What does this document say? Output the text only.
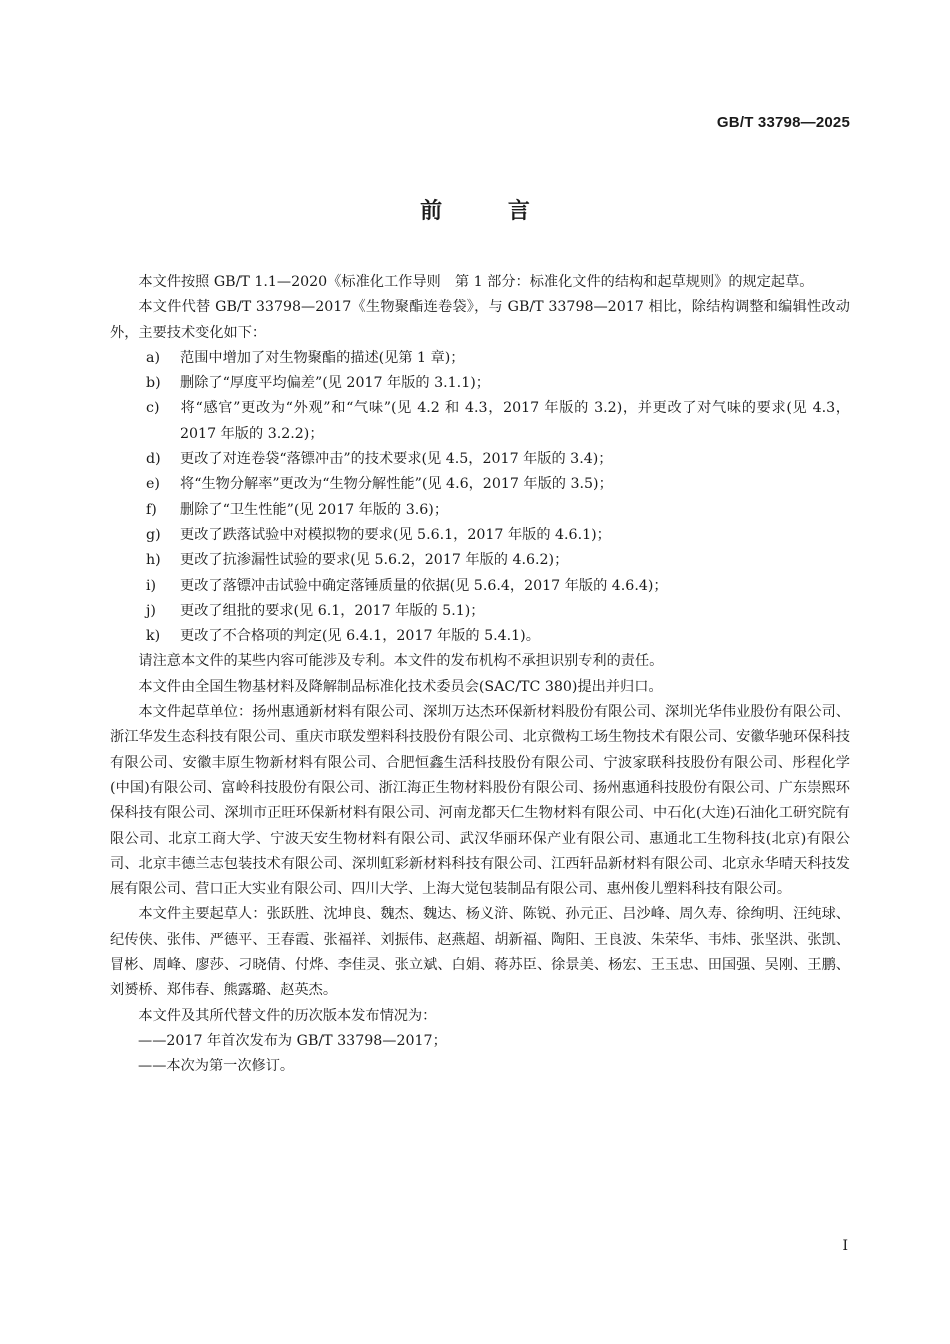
GB/T 33798—2025
前 言

本文件按照 GB/T 1.1—2020《标准化工作导则　第 1 部分：标准化文件的结构和起草规则》的规定起草。

本文件代替 GB/T 33798—2017《生物聚酯连卷袋》，与 GB/T 33798—2017 相比，除结构调整和编辑性改动外，主要技术变化如下：

a) 范围中增加了对生物聚酯的描述(见第 1 章)；

b) 删除了“厚度平均偏差”(见 2017 年版的 3.1.1)；

c) 将“感官”更改为“外观”和“气味”(见 4.2 和 4.3，2017 年版的 3.2)，并更改了对气味的要求(见 4.3，2017 年版的 3.2.2)；

d) 更改了对连卷袋“落镖冲击”的技术要求(见 4.5，2017 年版的 3.4)；

e) 将“生物分解率”更改为“生物分解性能”(见 4.6，2017 年版的 3.5)；

f) 删除了“卫生性能”(见 2017 年版的 3.6)；

g) 更改了跌落试验中对模拟物的要求(见 5.6.1，2017 年版的 4.6.1)；

h) 更改了抗渗漏性试验的要求(见 5.6.2，2017 年版的 4.6.2)；

i) 更改了落镖冲击试验中确定落锤质量的依据(见 5.6.4，2017 年版的 4.6.4)；

j) 更改了组批的要求(见 6.1，2017 年版的 5.1)；

k) 更改了不合格项的判定(见 6.4.1，2017 年版的 5.4.1)。

请注意本文件的某些内容可能涉及专利。本文件的发布机构不承担识别专利的责任。

本文件由全国生物基材料及降解制品标准化技术委员会(SAC/TC 380)提出并归口。

本文件起草单位：扬州惠通新材料有限公司、深圳万达杰环保新材料股份有限公司、深圳光华伟业股份有限公司、浙江华发生态科技有限公司、重庆市联发塑料科技股份有限公司、北京微构工场生物技术有限公司、安徽华驰环保科技有限公司、安徽丰原生物新材料有限公司、合肥恒鑫生活科技股份有限公司、宁波家联科技股份有限公司、彤程化学(中国)有限公司、富岭科技股份有限公司、浙江海正生物材料股份有限公司、扬州惠通科技股份有限公司、广东崇熙环保科技有限公司、深圳市正旺环保新材料有限公司、河南龙都天仁生物材料有限公司、中石化(大连)石油化工研究院有限公司、北京工商大学、宁波天安生物材料有限公司、武汉华丽环保产业有限公司、惠通北工生物科技(北京)有限公司、北京丰德兰志包装技术有限公司、深圳虹彩新材料科技有限公司、江西轩品新材料有限公司、北京永华晴天科技发展有限公司、营口正大实业有限公司、四川大学、上海大觉包装制品有限公司、惠州俊儿塑料科技有限公司。

本文件主要起草人：张跃胜、沈坤良、魏杰、魏达、杨义浒、陈锐、孙元正、吕沙峰、周久寿、徐绚明、汪纯球、纪传侠、张伟、严德平、王春霞、张福祥、刘振伟、赵燕超、胡新福、陶阳、王良波、朱荣华、韦炜、张坚洪、张凯、冒彬、周峰、廖莎、刁晓倩、付烨、李佳灵、张立斌、白娟、蒋苏臣、徐景美、杨宏、王玉忠、田国强、吴刚、王鹏、刘赟桥、郑伟春、熊露璐、赵英杰。

本文件及其所代替文件的历次版本发布情况为：

——2017 年首次发布为 GB/T 33798—2017；

——本次为第一次修订。

I
